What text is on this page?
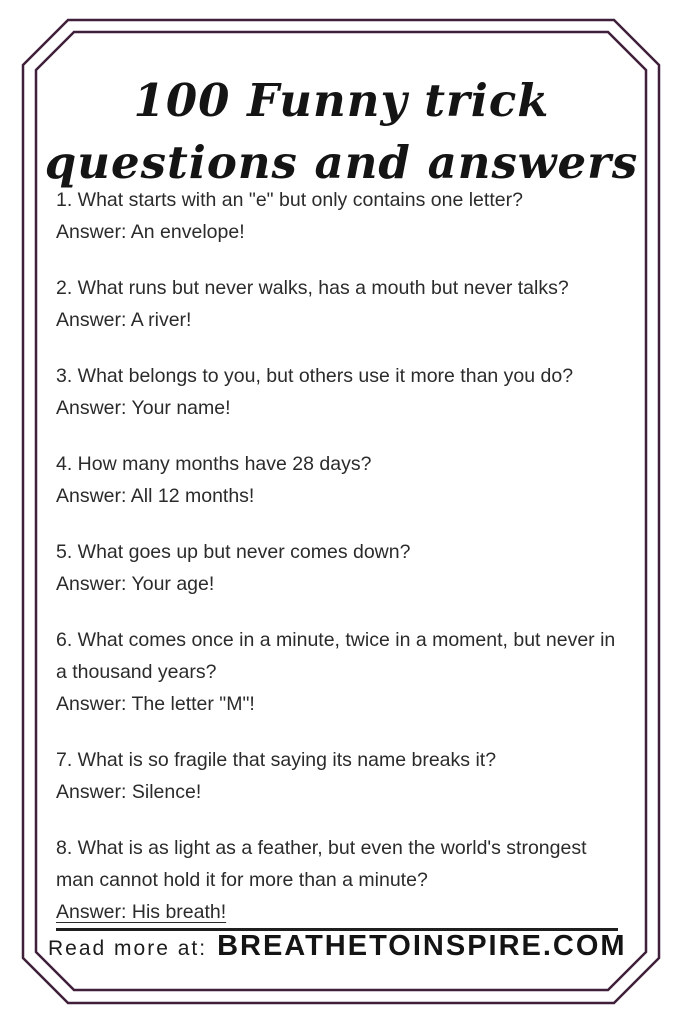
100 Funny trick
questions and answers
1. What starts with an "e" but only contains one letter?
Answer: An envelope!
2. What runs but never walks, has a mouth but never talks?
Answer: A river!
3. What belongs to you, but others use it more than you do?
Answer: Your name!
4. How many months have 28 days?
Answer: All 12 months!
5. What goes up but never comes down?
Answer: Your age!
6. What comes once in a minute, twice in a moment, but never in a thousand years?
Answer: The letter "M"!
7. What is so fragile that saying its name breaks it?
Answer: Silence!
8. What is as light as a feather, but even the world's strongest man cannot hold it for more than a minute?
Answer: His breath!
Read more at: BREATHETOINSPIRE.COM
